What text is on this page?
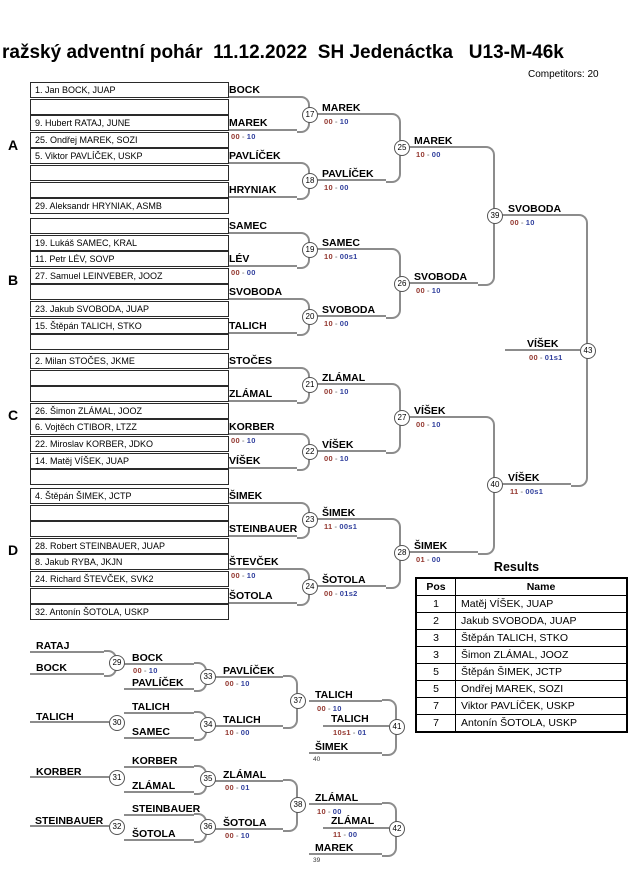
ražský adventní pohár  11.12.2022  SH Jedenáctka   U13-M-46k
Competitors: 20
A
B
C
D
1. Jan BOCK, JUAP
9. Hubert RATAJ, JUNE
25. Ondřej MAREK, SOZI
5. Viktor PAVLÍČEK, USKP
29. Aleksandr HRYNIAK, ASMB
19. Lukáš SAMEC, KRAL
11. Petr LÉV, SOVP
27. Samuel LEINVEBER, JOOZ
23. Jakub SVOBODA, JUAP
15. Štěpán TALICH, STKO
2. Milan STOČES, JKME
26. Šimon ZLÁMAL, JOOZ
6. Vojtěch CTIBOR, LTZZ
22. Miroslav KORBER, JDKO
14. Matěj VÍŠEK, JUAP
4. Štěpán ŠIMEK, JCTP
28. Robert STEINBAUER, JUAP
8. Jakub RYBA, JKJN
24. Richard ŠTEVČEK, SVK2
32. Antonín ŠOTOLA, USKP
BOCK
MAREK
00 - 10
PAVLÍČEK
HRYNIAK
SAMEC
LÉV
00 - 00
SVOBODA
TALICH
STOČES
ZLÁMAL
KORBER
00 - 10
VÍŠEK
ŠIMEK
STEINBAUER
ŠTEVČEK
00 - 10
ŠOTOLA
MAREK
00 - 10
17
PAVLÍČEK
10 - 00
18
SAMEC
10 - 00s1
19
SVOBODA
10 - 00
20
ZLÁMAL
00 - 10
21
VÍŠEK
00 - 10
22
ŠIMEK
11 - 00s1
23
ŠOTOLA
00 - 01s2
24
MAREK
10 - 00
25
SVOBODA
00 - 10
26
VÍŠEK
00 - 10
27
ŠIMEK
01 - 00
28
SVOBODA
00 - 10
39
VÍŠEK
11 - 00s1
40
VÍŠEK
00 - 01s1
43
RATAJ
BOCK	29
TALICH	30
KORBER	31
STEINBAUER	32
BOCK
00 - 10
PAVLÍČEK
33
TALICH
SAMEC
34
KORBER
ZLÁMAL
35
STEINBAUER
ŠOTOLA
36
PAVLÍČEK
00 - 10
TALICH
10 - 00
37
ZLÁMAL
00 - 01
ŠOTOLA
00 - 10
38
TALICH
00 - 10
TALICH
10s1 - 01
ŠIMEK
40
41
ZLÁMAL
10 - 00
ZLÁMAL
11 - 00
MAREK
39
42
Results
Pos	Name
1	Matěj VÍŠEK, JUAP
2	Jakub SVOBODA, JUAP
3	Štěpán TALICH, STKO
3	Šimon ZLÁMAL, JOOZ
5	Štěpán ŠIMEK, JCTP
5	Ondřej MAREK, SOZI
7	Viktor PAVLÍČEK, USKP
7	Antonín ŠOTOLA, USKP
